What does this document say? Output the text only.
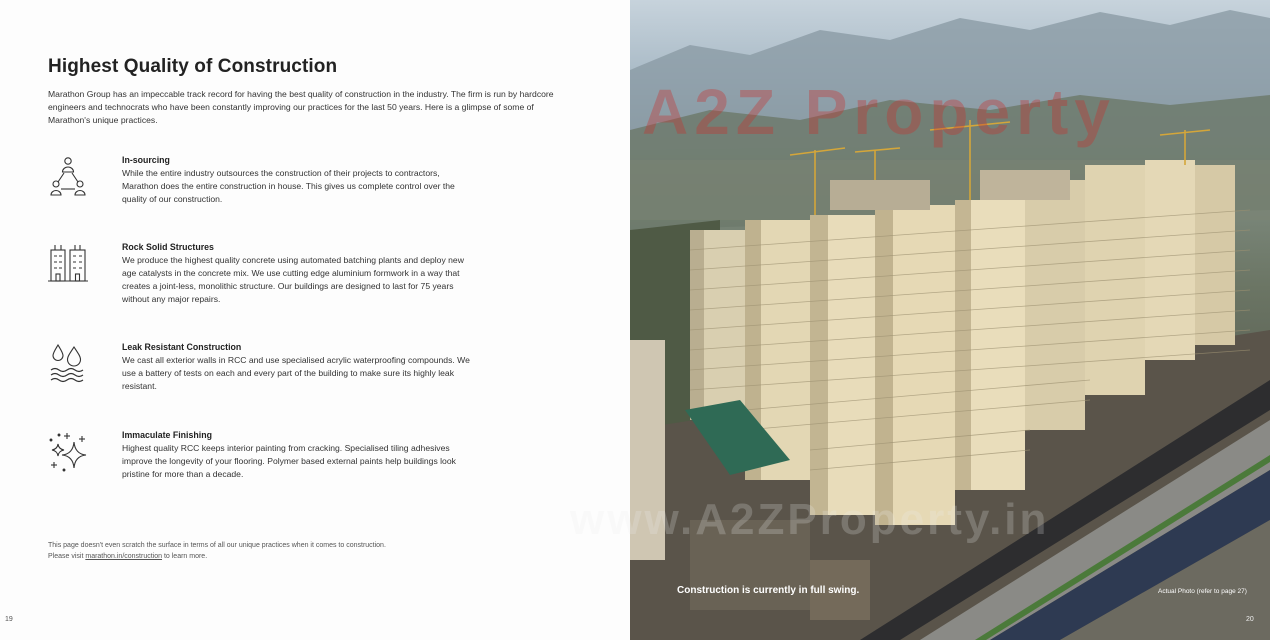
Highest Quality of Construction

Marathon Group has an impeccable track record for having the best quality of construction in the industry. The firm is run by hardcore engineers and technocrats who have been constantly improving our practices for the last 50 years. Here is a glimpse of some of Marathon's unique practices.

In-sourcing
While the entire industry outsources the construction of their projects to contractors, Marathon does the entire construction in house. This gives us complete control over the quality of our construction.
Rock Solid Structures
We produce the highest quality concrete using automated batching plants and deploy new age catalysts in the concrete mix. We use cutting edge aluminium formwork in a way that creates a joint-less, monolithic structure. Our buildings are designed to last for 75 years without any major repairs.
Leak Resistant Construction
We cast all exterior walls in RCC and use specialised acrylic waterproofing compounds. We use a battery of tests on each and every part of the building to make sure its highly leak resistant.
Immaculate Finishing
Highest quality RCC keeps interior painting from cracking. Specialised tiling adhesives improve the longevity of your flooring. Polymer based external paints help buildings look pristine for more than a decade.
This page doesn't even scratch the surface in terms of all our unique practices when it comes to construction.
Please visit marathon.in/construction to learn more.
19
A2Z Property
www.A2ZProperty.in
Construction is currently in full swing.	Actual Photo (refer to page 27)
20
